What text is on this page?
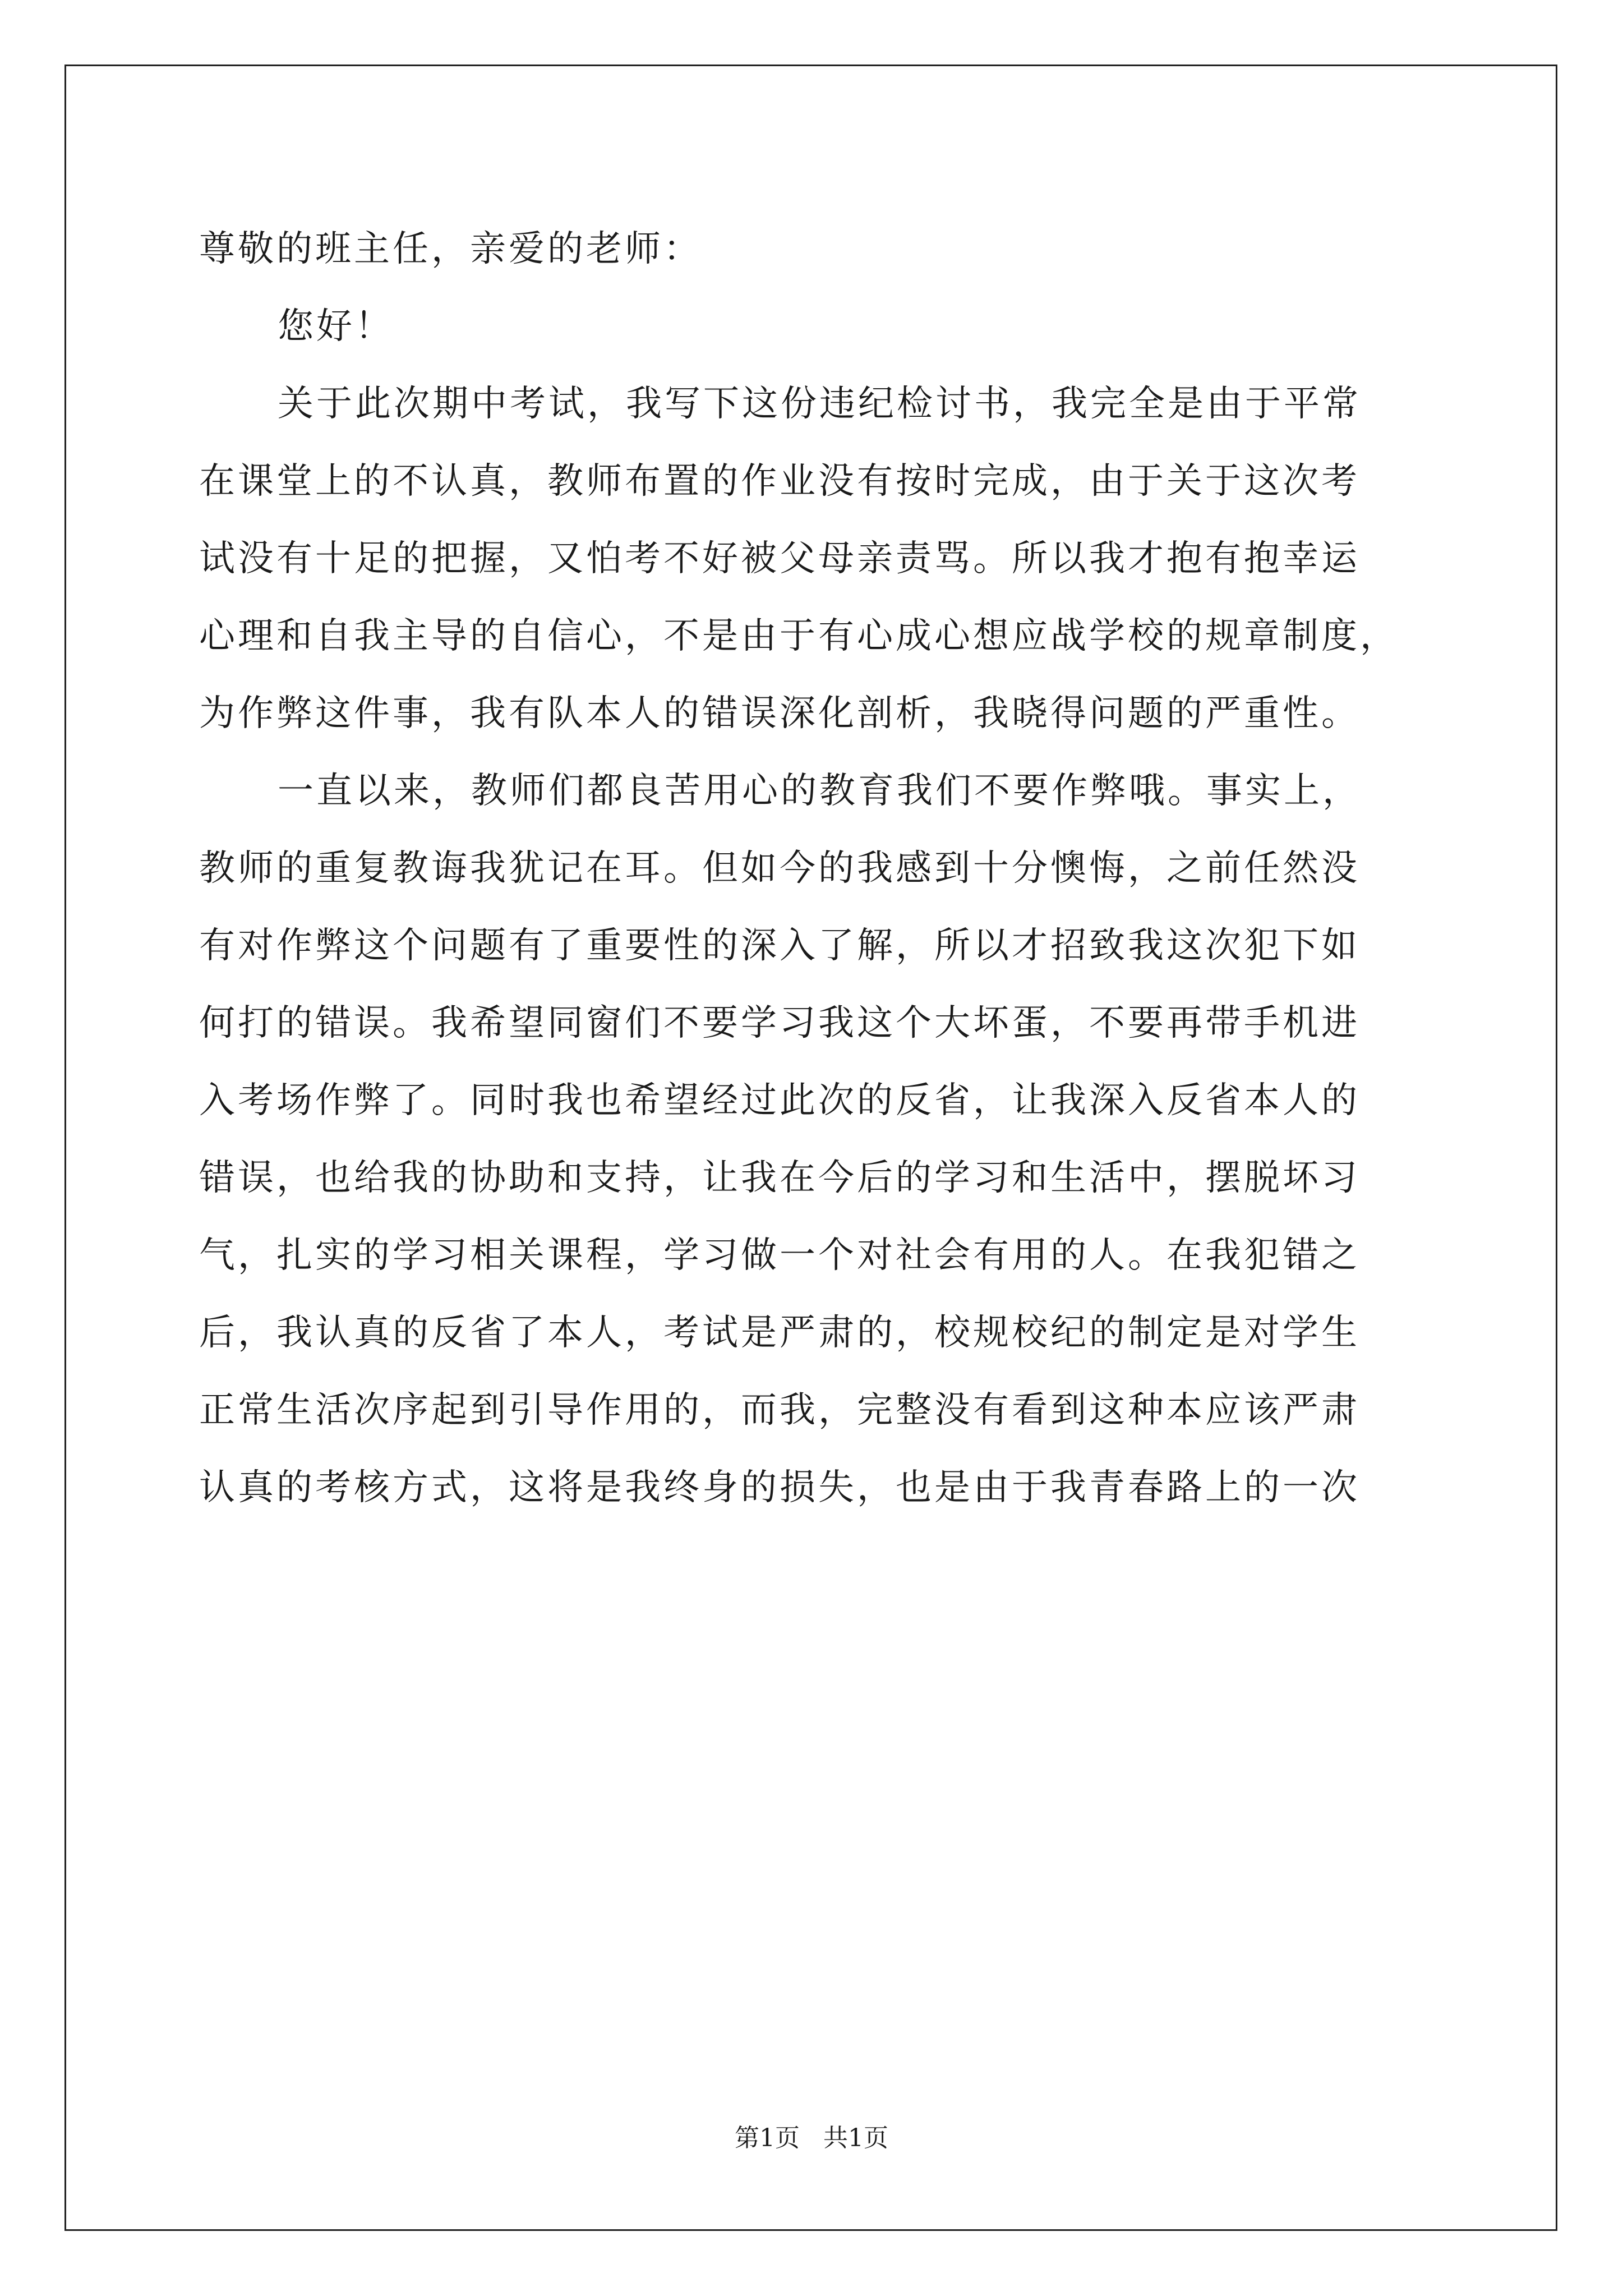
尊敬的班主任，亲爱的老师：
您好！
关于此次期中考试，我写下这份违纪检讨书，我完全是由于平常
在课堂上的不认真，教师布置的作业没有按时完成，由于关于这次考
试没有十足的把握，又怕考不好被父母亲责骂。所以我才抱有抱幸运
心理和自我主导的自信心，不是由于有心成心想应战学校的规章制度，
为作弊这件事，我有队本人的错误深化剖析，我晓得问题的严重性。
一直以来，教师们都良苦用心的教育我们不要作弊哦。事实上，
教师的重复教诲我犹记在耳。但如今的我感到十分懊悔，之前任然没
有对作弊这个问题有了重要性的深入了解，所以才招致我这次犯下如
何打的错误。我希望同窗们不要学习我这个大坏蛋，不要再带手机进
入考场作弊了。同时我也希望经过此次的反省，让我深入反省本人的
错误，也给我的协助和支持，让我在今后的学习和生活中，摆脱坏习
气，扎实的学习相关课程，学习做一个对社会有用的人。在我犯错之
后，我认真的反省了本人，考试是严肃的，校规校纪的制定是对学生
正常生活次序起到引导作用的，而我，完整没有看到这种本应该严肃
认真的考核方式，这将是我终身的损失，也是由于我青春路上的一次
第1页   共1页
